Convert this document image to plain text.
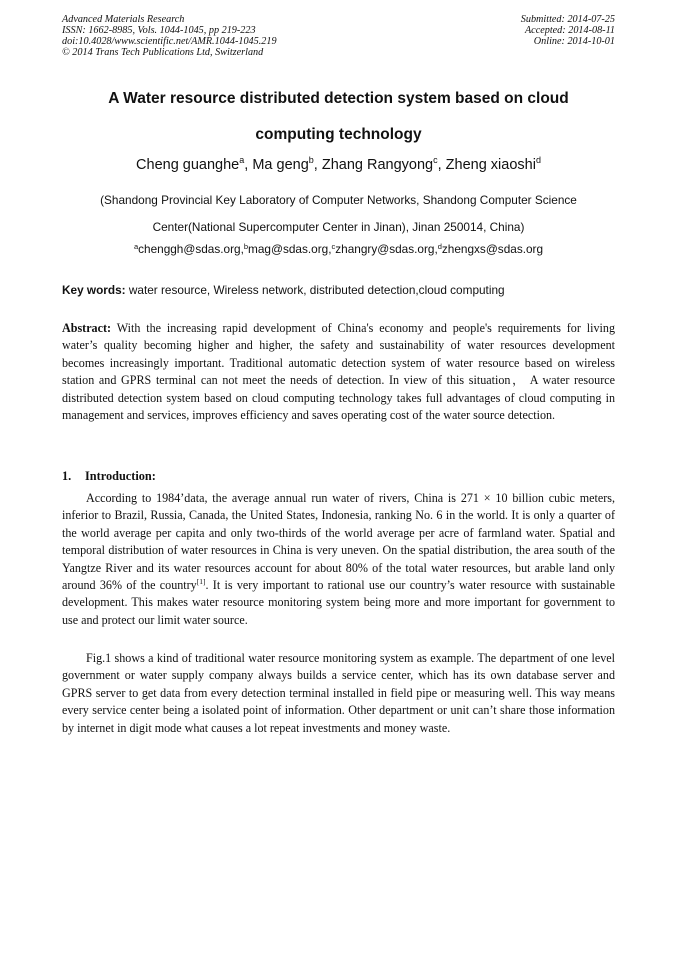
Advanced Materials Research
ISSN: 1662-8985, Vols. 1044-1045, pp 219-223
doi:10.4028/www.scientific.net/AMR.1044-1045.219
© 2014 Trans Tech Publications Ltd, Switzerland
Submitted: 2014-07-25
Accepted: 2014-08-11
Online: 2014-10-01
A Water resource distributed detection system based on cloud
computing technology
Cheng guanghe$^a$, Ma geng$^b$, Zhang Rangyong$^c$, Zheng xiaoshi$^d$
(Shandong Provincial Key Laboratory of Computer Networks, Shandong Computer Science
Center(National Supercomputer Center in Jinan), Jinan 250014, China)
$^a$chenggh@sdas.org,$^b$mag@sdas.org,$^c$zhangry@sdas.org,$^d$zhengxs@sdas.org
Key words: water resource, Wireless network, distributed detection,cloud computing
Abstract: With the increasing rapid development of China's economy and people's requirements for living water’s quality becoming higher and higher, the safety and sustainability of water resources development becomes increasingly important. Traditional automatic detection system of water resource based on wireless station and GPRS terminal can not meet the needs of detection. In view of this situation， A water resource distributed detection system based on cloud computing technology takes full advantages of cloud computing in management and services, improves efficiency and saves operating cost of the water source detection.
1. Introduction:
According to 1984’data, the average annual run water of rivers, China is 271 × 10 billion cubic meters, inferior to Brazil, Russia, Canada, the United States, Indonesia, ranking No. 6 in the world. It is only a quarter of the world average per capita and only two-thirds of the world average per acre of farmland water. Spatial and temporal distribution of water resources in China is very uneven. On the spatial distribution, the area south of the Yangtze River and its water resources account for about 80% of the total water resources, but arable land only around 36% of the country[1]. It is very important to rational use our country’s water resource with sustainable development. This makes water resource monitoring system being more and more important for government to use and protect our limit water source.
Fig.1 shows a kind of traditional water resource monitoring system as example. The department of one level government or water supply company always builds a service center, which has its own database server and GPRS server to get data from every detection terminal installed in field pipe or measuring well. This way means every service center being a isolated point of information. Other department or unit can’t share those information by internet in digit mode what causes a lot repeat investments and money waste.
